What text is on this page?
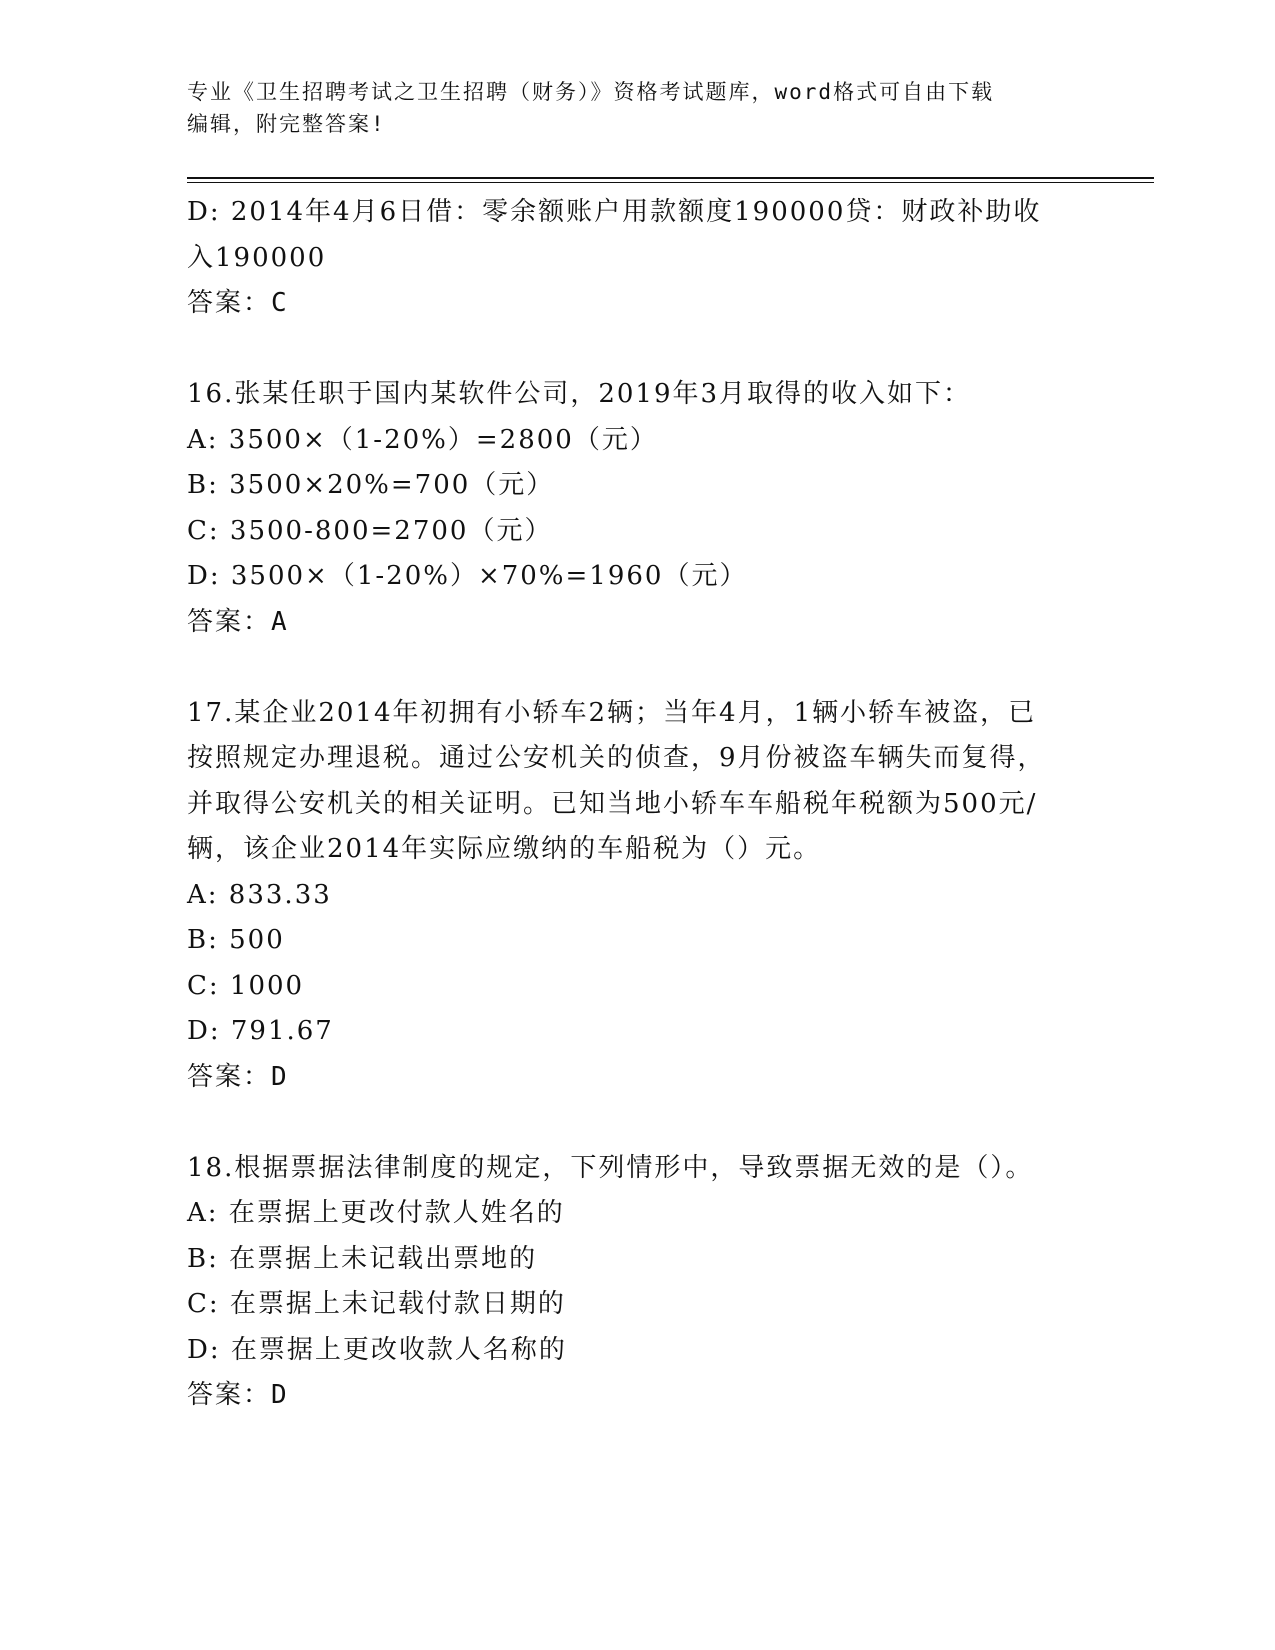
专业《卫生招聘考试之卫生招聘（财务）》资格考试题库，word格式可自由下载
编辑，附完整答案!
D: 2014年4月6日借：零余额账户用款额度190000贷：财政补助收
入190000
答案：C
16.张某任职于国内某软件公司，2019年3月取得的收入如下：
A: 3500×（1-20%）=2800（元）
B: 3500×20%=700（元）
C: 3500-800=2700（元）
D: 3500×（1-20%）×70%=1960（元）
答案：A
17.某企业2014年初拥有小轿车2辆；当年4月，1辆小轿车被盗，已
按照规定办理退税。通过公安机关的侦查，9月份被盗车辆失而复得，
并取得公安机关的相关证明。已知当地小轿车车船税年税额为500元/
辆，该企业2014年实际应缴纳的车船税为（）元。
A: 833.33
B: 500
C: 1000
D: 791.67
答案：D
18.根据票据法律制度的规定，下列情形中，导致票据无效的是（）。
A: 在票据上更改付款人姓名的
B: 在票据上未记载出票地的
C: 在票据上未记载付款日期的
D: 在票据上更改收款人名称的
答案：D
